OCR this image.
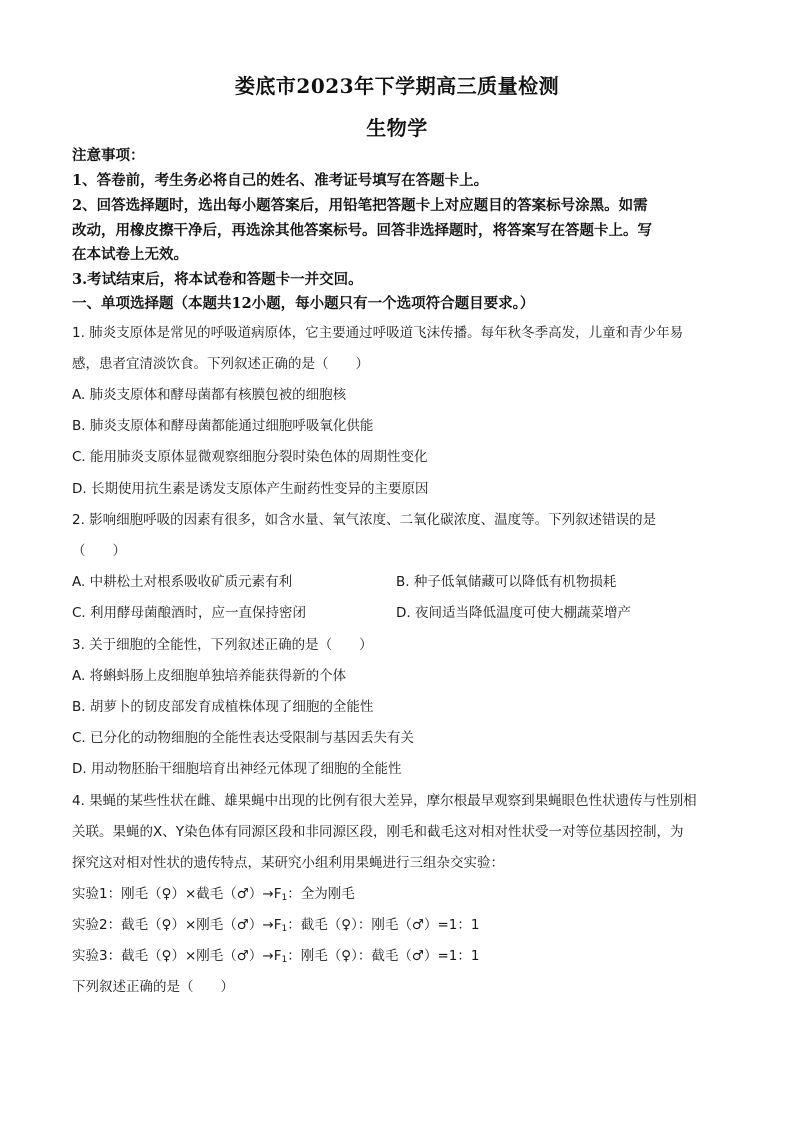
娄底市2023年下学期高三质量检测
生物学
注意事项：
1、答卷前，考生务必将自己的姓名、准考证号填写在答题卡上。
2、回答选择题时，选出每小题答案后，用铅笔把答题卡上对应题目的答案标号涂黑。如需
改动，用橡皮擦干净后，再选涂其他答案标号。回答非选择题时，将答案写在答题卡上。写
在本试卷上无效。
3.考试结束后，将本试卷和答题卡一并交回。
一、单项选择题（本题共12小题，每小题只有一个选项符合题目要求。）
1. 肺炎支原体是常见的呼吸道病原体，它主要通过呼吸道飞沫传播。每年秋冬季高发，儿童和青少年易
感，患者宜清淡饮食。下列叙述正确的是（　　）
A. 肺炎支原体和酵母菌都有核膜包被的细胞核
B. 肺炎支原体和酵母菌都能通过细胞呼吸氧化供能
C. 能用肺炎支原体显微观察细胞分裂时染色体的周期性变化
D. 长期使用抗生素是诱发支原体产生耐药性变异的主要原因
2. 影响细胞呼吸的因素有很多，如含水量、氧气浓度、二氧化碳浓度、温度等。下列叙述错误的是
（　　）
A. 中耕松土对根系吸收矿质元素有利	B. 种子低氧储藏可以降低有机物损耗
C. 利用酵母菌酿酒时，应一直保持密闭	D. 夜间适当降低温度可使大棚蔬菜增产
3. 关于细胞的全能性，下列叙述正确的是（　　）
A. 将蝌蚪肠上皮细胞单独培养能获得新的个体
B. 胡萝卜的韧皮部发育成植株体现了细胞的全能性
C. 已分化的动物细胞的全能性表达受限制与基因丢失有关
D. 用动物胚胎干细胞培育出神经元体现了细胞的全能性
4. 果蝇的某些性状在雌、雄果蝇中出现的比例有很大差异，摩尔根最早观察到果蝇眼色性状遗传与性别相
关联。果蝇的X、Y染色体有同源区段和非同源区段，刚毛和截毛这对相对性状受一对等位基因控制，为
探究这对相对性状的遗传特点，某研究小组利用果蝇进行三组杂交实验：
实验1：刚毛（♀）×截毛$(♂)\to F_1$：全为刚毛
实验2：截毛（♀）×刚毛$(♂)\to F_1$：截毛（♀）：刚毛（♂）=1：1
实验3：截毛（♀）×刚毛$(♂)\to F_1$：刚毛（♀）：截毛（♂）=1：1
下列叙述正确的是（　　）
